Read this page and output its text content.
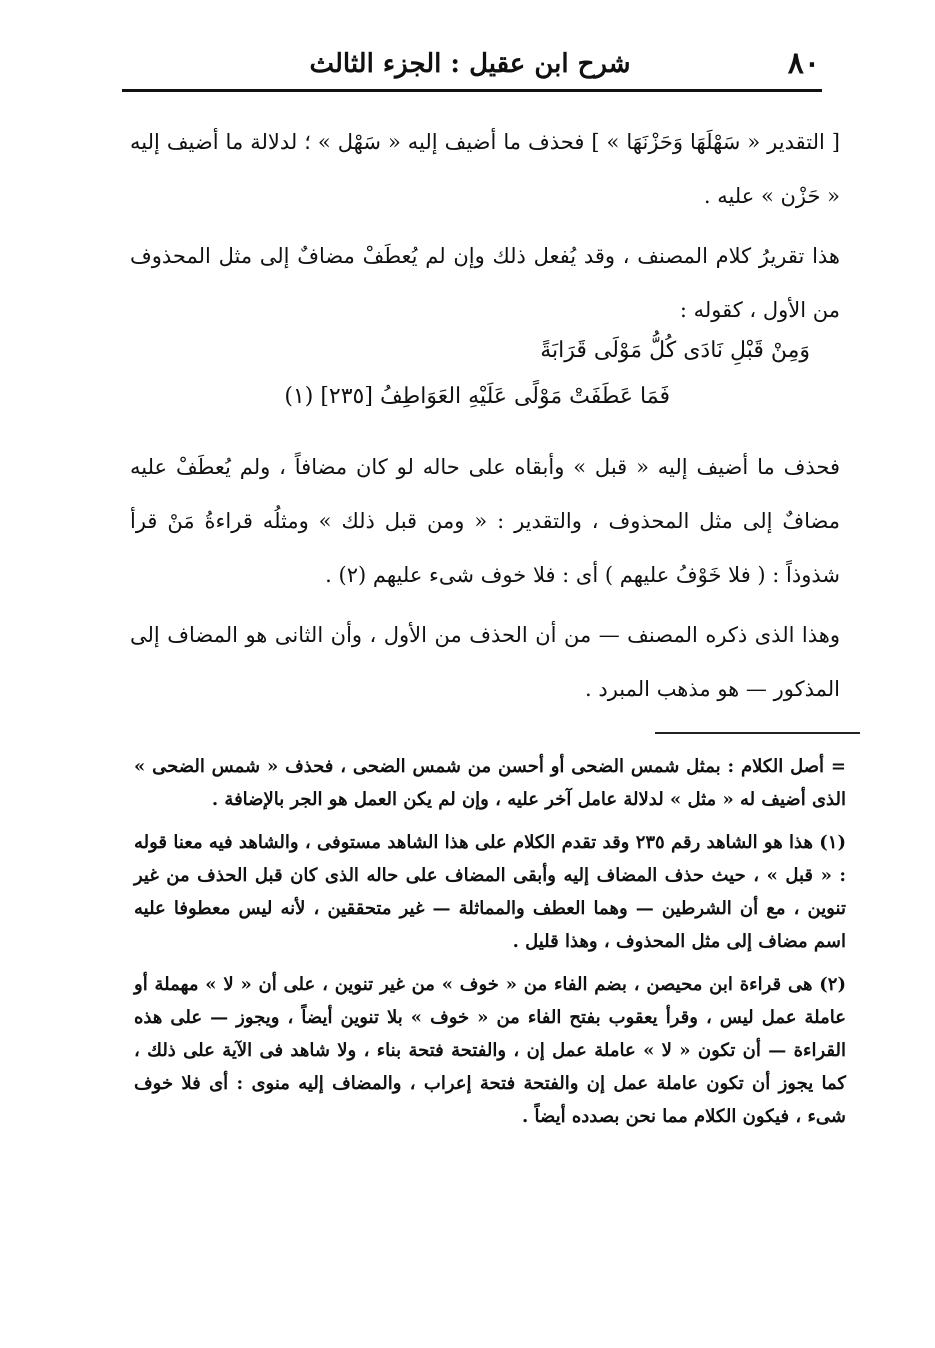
٨٠
شرح ابن عقيل : الجزء الثالث

[ التقدير « سَهْلَهَا وَحَزْنَهَا » ] فحذف ما أضيف إليه « سَهْل » ؛ لدلالة ما أضيف إليه « حَزْن » عليه .

هذا تقريرُ كلام المصنف ، وقد يُفعل ذلك وإن لم يُعطَفْ مضافٌ إلى مثل المحذوف من الأول ، كقوله :

وَمِنْ قَبْلِ نَادَى كُلُّ مَوْلَى قَرَابَةً
فَمَا عَطَفَتْ مَوْلًى عَلَيْهِ العَوَاطِفُ [٢٣٥] (١)

فحذف ما أضيف إليه « قبل » وأبقاه على حاله لو كان مضافاً ، ولم يُعطَفْ عليه مضافٌ إلى مثل المحذوف ، والتقدير : « ومن قبل ذلك » ومثلُه قراءةُ مَنْ قرأ شذوذاً : ( فلا خَوْفُ عليهم ) أى : فلا خوف شىء عليهم (٢) .

وهذا الذى ذكره المصنف — من أن الحذف من الأول ، وأن الثانى هو المضاف إلى المذكور — هو مذهب المبرد .

= أصل الكلام : بمثل شمس الضحى أو أحسن من شمس الضحى ، فحذف « شمس الضحى » الذى أضيف له « مثل » لدلالة عامل آخر عليه ، وإن لم يكن العمل هو الجر بالإضافة .

(١) هذا هو الشاهد رقم ٢٣٥ وقد تقدم الكلام على هذا الشاهد مستوفى ، والشاهد فيه معنا قوله : « قبل » ، حيث حذف المضاف إليه وأبقى المضاف على حاله الذى كان قبل الحذف من غير تنوين ، مع أن الشرطين — وهما العطف والمماثلة — غير متحققين ، لأنه ليس معطوفا عليه اسم مضاف إلى مثل المحذوف ، وهذا قليل .

(٢) هى قراءة ابن محيصن ، بضم الفاء من « خوف » من غير تنوين ، على أن « لا » مهملة أو عاملة عمل ليس ، وقرأ يعقوب بفتح الفاء من « خوف » بلا تنوين أيضاً ، ويجوز — على هذه القراءة — أن تكون « لا » عاملة عمل إن ، والفتحة فتحة بناء ، ولا شاهد فى الآية على ذلك ، كما يجوز أن تكون عاملة عمل إن والفتحة فتحة إعراب ، والمضاف إليه منوى : أى فلا خوف شىء ، فيكون الكلام مما نحن بصدده أيضاً .
